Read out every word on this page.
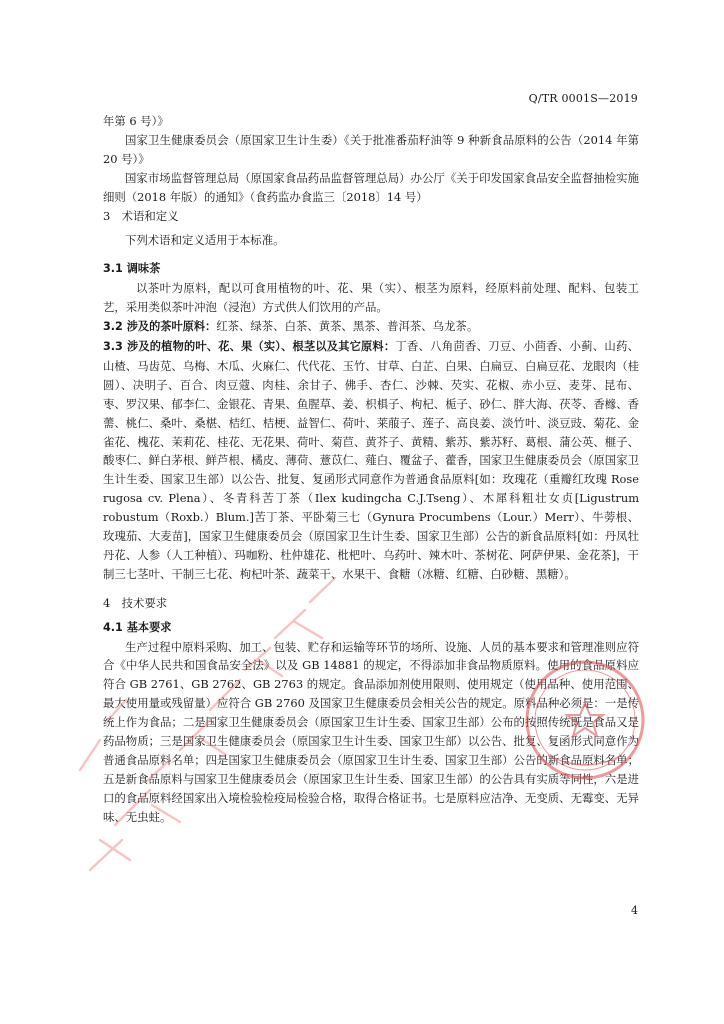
Q/TR 0001S—2019

年第 6 号）》

国家卫生健康委员会（原国家卫生计生委）《关于批准番茄籽油等 9 种新食品原料的公告（2014 年第 20 号）》

国家市场监督管理总局（原国家食品药品监督管理总局）办公厅《关于印发国家食品安全监督抽检实施细则（2018 年版）的通知》（食药监办食监三〔2018〕14 号）

3　术语和定义

下列术语和定义适用于本标准。

3.1 调味茶

以茶叶为原料，配以可食用植物的叶、花、果（实）、根茎为原料，经原料前处理、配料、包装工艺，采用类似茶叶冲泡（浸泡）方式供人们饮用的产品。

3.2 涉及的茶叶原料：红茶、绿茶、白茶、黄茶、黑茶、普洱茶、乌龙茶。

3.3 涉及的植物的叶、花、果（实）、根茎以及其它原料：丁香、八角茴香、刀豆、小茴香、小蓟、山药、山楂、马齿苋、乌梅、木瓜、火麻仁、代代花、玉竹、甘草、白芷、白果、白扁豆、白扁豆花、龙眼肉（桂圆）、决明子、百合、肉豆蔻、肉桂、余甘子、佛手、杏仁、沙棘、芡实、花椒、赤小豆、麦芽、昆布、枣、罗汉果、郁李仁、金银花、青果、鱼腥草、姜、枳椇子、枸杞、栀子、砂仁、胖大海、茯苓、香橼、香薷、桃仁、桑叶、桑椹、桔红、桔梗、益智仁、荷叶、莱菔子、莲子、高良姜、淡竹叶、淡豆豉、菊花、金雀花、槐花、茉莉花、桂花、无花果、荷叶、菊苣、黄芥子、黄精、紫苏、紫苏籽、葛根、蒲公英、榧子、酸枣仁、鲜白茅根、鲜芦根、橘皮、薄荷、薏苡仁、薤白、覆盆子、藿香，国家卫生健康委员会（原国家卫生计生委、国家卫生部）以公告、批复、复函形式同意作为普通食品原料[如：玫瑰花（重瓣红玫瑰 Rose rugosa cv. Plena）、冬青科苦丁茶（Ilex kudingcha C.J.Tseng）、木犀科粗壮女贞[Ligustrum robustum（Roxb.）Blum.]苦丁茶、平卧菊三七（Gynura Procumbens（Lour.）Merr）、牛蒡根、玫瑰茄、大麦苗]，国家卫生健康委员会（原国家卫生计生委、国家卫生部）公告的新食品原料[如：丹凤牡丹花、人参（人工种植）、玛咖粉、杜仲雄花、枇杷叶、乌药叶、辣木叶、茶树花、阿萨伊果、金花茶]，干制三七茎叶、干制三七花、枸杞叶茶、蔬菜干、水果干、食糖（冰糖、红糖、白砂糖、黑糖）。

4　技术要求

4.1 基本要求

生产过程中原料采购、加工、包装、贮存和运输等环节的场所、设施、人员的基本要求和管理准则应符合《中华人民共和国食品安全法》以及 GB 14881 的规定，不得添加非食品物质原料。使用的食品原料应符合 GB 2761、GB 2762、GB 2763 的规定。食品添加剂使用限则、使用规定（使用品种、使用范围、最大使用量或残留量）应符合 GB 2760 及国家卫生健康委员会相关公告的规定。原料品种必须是：一是传统上作为食品；二是国家卫生健康委员会（原国家卫生计生委、国家卫生部）公布的按照传统既是食品又是药品物质；三是国家卫生健康委员会（原国家卫生计生委、国家卫生部）以公告、批复、复函形式同意作为普通食品原料名单；四是国家卫生健康委员会（原国家卫生计生委、国家卫生部）公告的新食品原料名单；五是新食品原料与国家卫生健康委员会（原国家卫生计生委、国家卫生部）的公告具有实质等同性，六是进口的食品原料经国家出入境检验检疫局检验合格，取得合格证书。七是原料应洁净、无变质、无霉变、无异味、无虫蛀。

4
